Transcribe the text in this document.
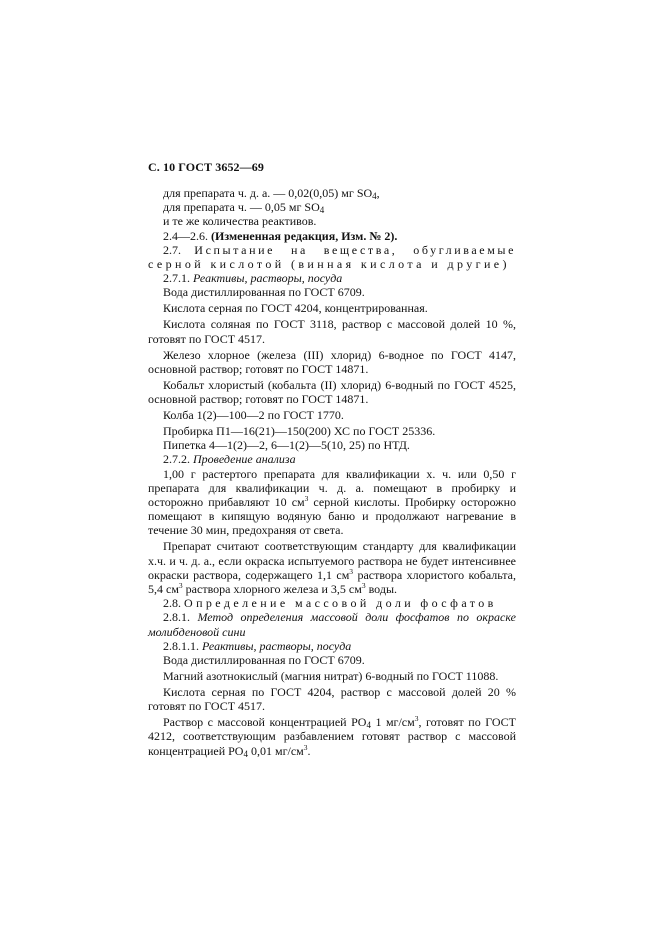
С. 10 ГОСТ 3652—69
для препарата ч. д. а. — 0,02(0,05) мг $SO_4$,
для препарата ч. — 0,05 мг $SO_4$
и те же количества реактивов.
2.4—2.6. (Измененная редакция, Изм. № 2).
2.7. Испытание на вещества, обугливаемые
серной кислотой (винная кислота и другие)
2.7.1. Реактивы, растворы, посуда
Вода дистиллированная по ГОСТ 6709.
Кислота серная по ГОСТ 4204, концентрированная.
Кислота соляная по ГОСТ 3118, раствор с массовой долей 10 %, готовят по ГОСТ 4517.
Железо хлорное (железа (III) хлорид) 6-водное по ГОСТ 4147, основной раствор; готовят по ГОСТ 14871.
Кобальт хлористый (кобальта (II) хлорид) 6-водный по ГОСТ 4525, основной раствор; готовят по ГОСТ 14871.
Колба 1(2)—100—2 по ГОСТ 1770.
Пробирка П1—16(21)—150(200) ХС по ГОСТ 25336.
Пипетка 4—1(2)—2, 6—1(2)—5(10, 25) по НТД.
2.7.2. Проведение анализа
1,00 г растертого препарата для квалификации х. ч. или 0,50 г препарата для квалификации ч. д. а. помещают в пробирку и осторожно прибавляют 10 $см^3$ серной кислоты. Пробирку осторожно помещают в кипящую водяную баню и продолжают нагревание в течение 30 мин, предохраняя от света.
Препарат считают соответствующим стандарту для квалификации х.ч. и ч. д. а., если окраска испытуемого раствора не будет интенсивнее окраски раствора, содержащего 1,1 $см^3$ раствора хлористого кобальта, 5,4 $см^3$ раствора хлорного железа и 3,5 $см^3$ воды.
2.8. Определение массовой доли фосфатов
2.8.1. Метод определения массовой доли фосфатов по окраске молибденовой сини
2.8.1.1. Реактивы, растворы, посуда
Вода дистиллированная по ГОСТ 6709.
Магний азотнокислый (магния нитрат) 6-водный по ГОСТ 11088.
Кислота серная по ГОСТ 4204, раствор с массовой долей 20 % готовят по ГОСТ 4517.
Раствор с массовой концентрацией $PO_4$ 1 $мг/см^3$, готовят по ГОСТ 4212, соответствующим разбавлением готовят раствор с массовой концентрацией $PO_4$ 0,01 $мг/см^3$.
